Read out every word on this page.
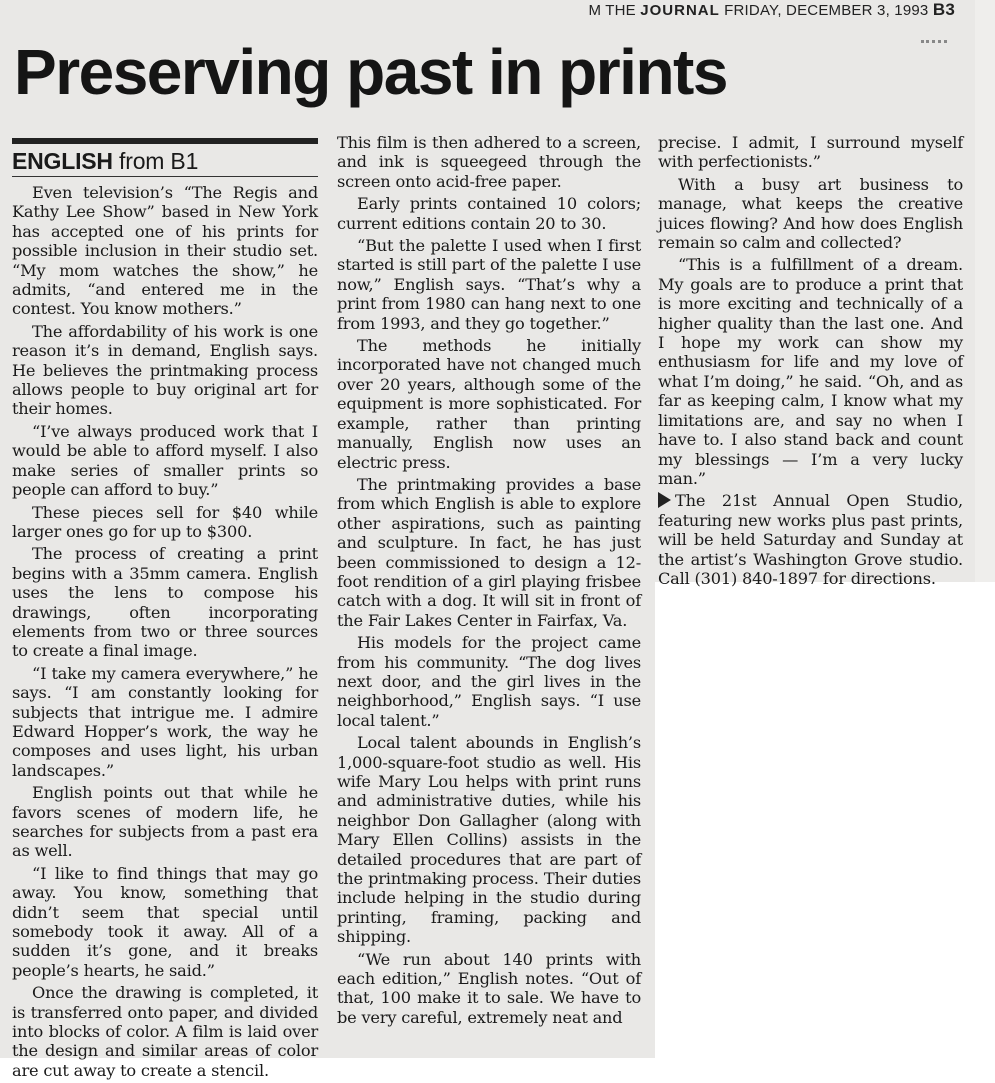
M THE JOURNAL FRIDAY, DECEMBER 3, 1993 B3
Preserving past in prints
ENGLISH from B1

Even television’s “The Regis and Kathy Lee Show” based in New York has accepted one of his prints for possible inclusion in their studio set. “My mom watches the show,” he admits, “and entered me in the contest. You know mothers.”

The affordability of his work is one reason it’s in demand, English says. He believes the printmaking process allows people to buy original art for their homes.

“I’ve always produced work that I would be able to afford myself. I also make series of smaller prints so people can afford to buy.”

These pieces sell for $40 while larger ones go for up to $300.

The process of creating a print begins with a 35mm camera. English uses the lens to compose his drawings, often incorporating elements from two or three sources to create a final image.

“I take my camera everywhere,” he says. “I am constantly looking for subjects that intrigue me. I admire Edward Hopper’s work, the way he composes and uses light, his urban landscapes.”

English points out that while he favors scenes of modern life, he searches for subjects from a past era as well.

“I like to find things that may go away. You know, something that didn’t seem that special until somebody took it away. All of a sudden it’s gone, and it breaks people’s hearts, he said.”

Once the drawing is completed, it is transferred onto paper, and divided into blocks of color. A film is laid over the design and similar areas of color are cut away to create a stencil.

This film is then adhered to a screen, and ink is squeegeed through the screen onto acid-free paper.

Early prints contained 10 colors; current editions contain 20 to 30.

“But the palette I used when I first started is still part of the palette I use now,” English says. “That’s why a print from 1980 can hang next to one from 1993, and they go together.”

The methods he initially incorporated have not changed much over 20 years, although some of the equipment is more sophisticated. For example, rather than printing manually, English now uses an electric press.

The printmaking provides a base from which English is able to explore other aspirations, such as painting and sculpture. In fact, he has just been commissioned to design a 12-foot rendition of a girl playing frisbee catch with a dog. It will sit in front of the Fair Lakes Center in Fairfax, Va.

His models for the project came from his community. “The dog lives next door, and the girl lives in the neighborhood,” English says. “I use local talent.”

Local talent abounds in English’s 1,000-square-foot studio as well. His wife Mary Lou helps with print runs and administrative duties, while his neighbor Don Gallagher (along with Mary Ellen Collins) assists in the detailed procedures that are part of the printmaking process. Their duties include helping in the studio during printing, framing, packing and shipping.

“We run about 140 prints with each edition,” English notes. “Out of that, 100 make it to sale. We have to be very careful, extremely neat and

precise. I admit, I surround myself with perfectionists.”

With a busy art business to manage, what keeps the creative juices flowing? And how does English remain so calm and collected?

“This is a fulfillment of a dream. My goals are to produce a print that is more exciting and technically of a higher quality than the last one. And I hope my work can show my enthusiasm for life and my love of what I’m doing,” he said. “Oh, and as far as keeping calm, I know what my limitations are, and say no when I have to. I also stand back and count my blessings — I’m a very lucky man.”

The 21st Annual Open Studio, featuring new works plus past prints, will be held Saturday and Sunday at the artist’s Washington Grove studio. Call (301) 840-1897 for directions.
